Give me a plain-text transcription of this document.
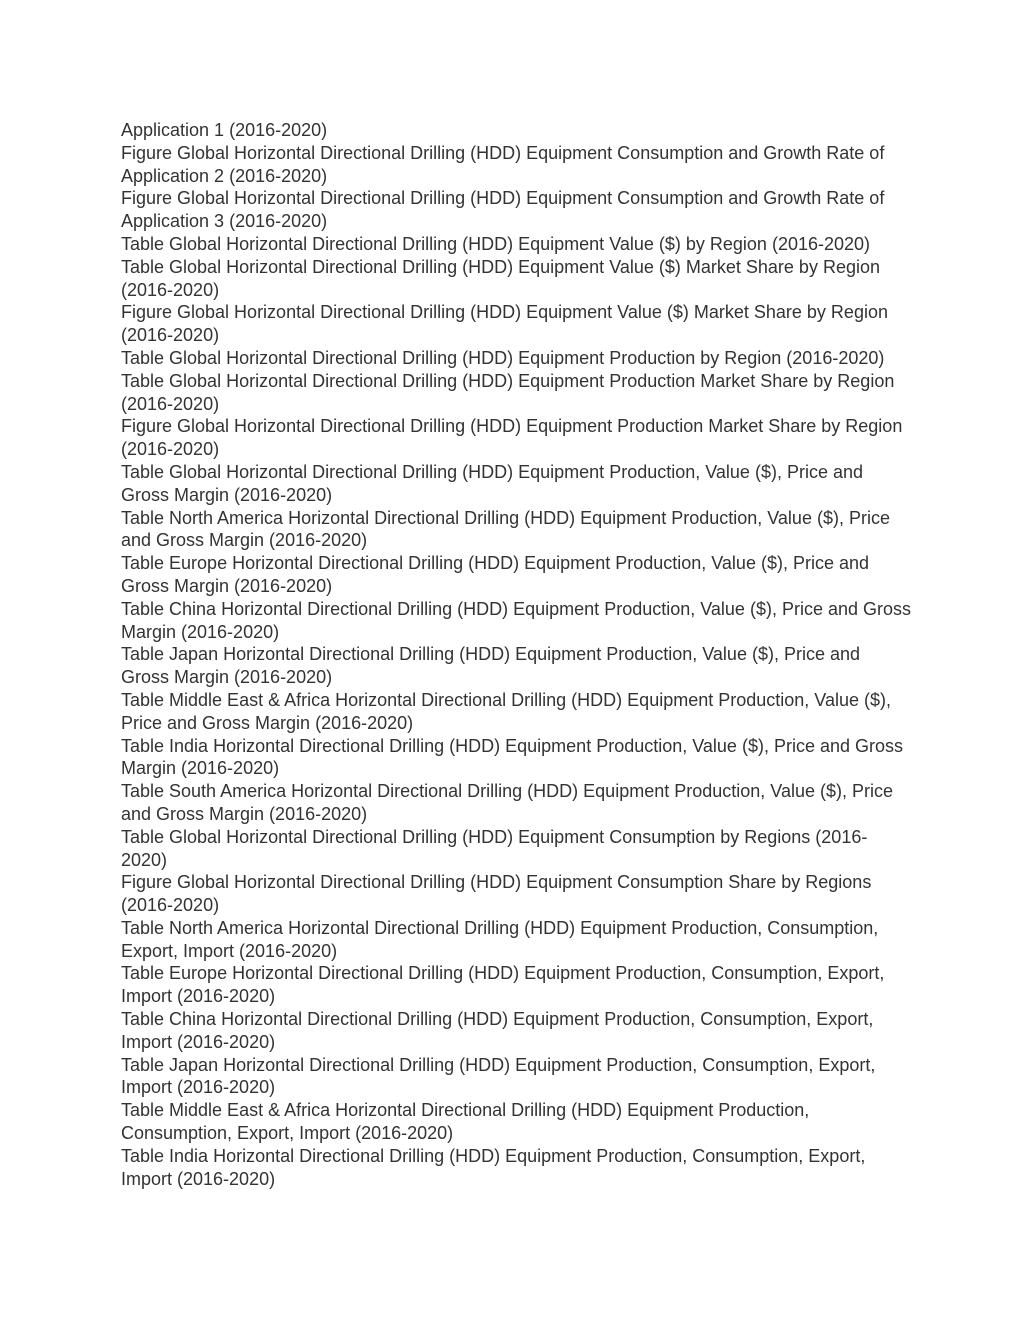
Application 1 (2016-2020)

Figure Global Horizontal Directional Drilling (HDD) Equipment Consumption and Growth Rate of Application 2 (2016-2020)

Figure Global Horizontal Directional Drilling (HDD) Equipment Consumption and Growth Rate of Application 3 (2016-2020)

Table Global Horizontal Directional Drilling (HDD) Equipment Value ($) by Region (2016-2020)

Table Global Horizontal Directional Drilling (HDD) Equipment Value ($) Market Share by Region (2016-2020)

Figure Global Horizontal Directional Drilling (HDD) Equipment Value ($) Market Share by Region (2016-2020)

Table Global Horizontal Directional Drilling (HDD) Equipment Production by Region (2016-2020)

Table Global Horizontal Directional Drilling (HDD) Equipment Production Market Share by Region (2016-2020)

Figure Global Horizontal Directional Drilling (HDD) Equipment Production Market Share by Region (2016-2020)

Table Global Horizontal Directional Drilling (HDD) Equipment Production, Value ($), Price and Gross Margin (2016-2020)

Table North America Horizontal Directional Drilling (HDD) Equipment Production, Value ($), Price and Gross Margin (2016-2020)

Table Europe Horizontal Directional Drilling (HDD) Equipment Production, Value ($), Price and Gross Margin (2016-2020)

Table China Horizontal Directional Drilling (HDD) Equipment Production, Value ($), Price and Gross Margin (2016-2020)

Table Japan Horizontal Directional Drilling (HDD) Equipment Production, Value ($), Price and Gross Margin (2016-2020)

Table Middle East & Africa Horizontal Directional Drilling (HDD) Equipment Production, Value ($), Price and Gross Margin (2016-2020)

Table India Horizontal Directional Drilling (HDD) Equipment Production, Value ($), Price and Gross Margin (2016-2020)

Table South America Horizontal Directional Drilling (HDD) Equipment Production, Value ($), Price and Gross Margin (2016-2020)

Table Global Horizontal Directional Drilling (HDD) Equipment Consumption by Regions (2016-2020)

Figure Global Horizontal Directional Drilling (HDD) Equipment Consumption Share by Regions (2016-2020)

Table North America Horizontal Directional Drilling (HDD) Equipment Production, Consumption, Export, Import (2016-2020)

Table Europe Horizontal Directional Drilling (HDD) Equipment Production, Consumption, Export, Import (2016-2020)

Table China Horizontal Directional Drilling (HDD) Equipment Production, Consumption, Export, Import (2016-2020)

Table Japan Horizontal Directional Drilling (HDD) Equipment Production, Consumption, Export, Import (2016-2020)

Table Middle East & Africa Horizontal Directional Drilling (HDD) Equipment Production, Consumption, Export, Import (2016-2020)

Table India Horizontal Directional Drilling (HDD) Equipment Production, Consumption, Export, Import (2016-2020)
